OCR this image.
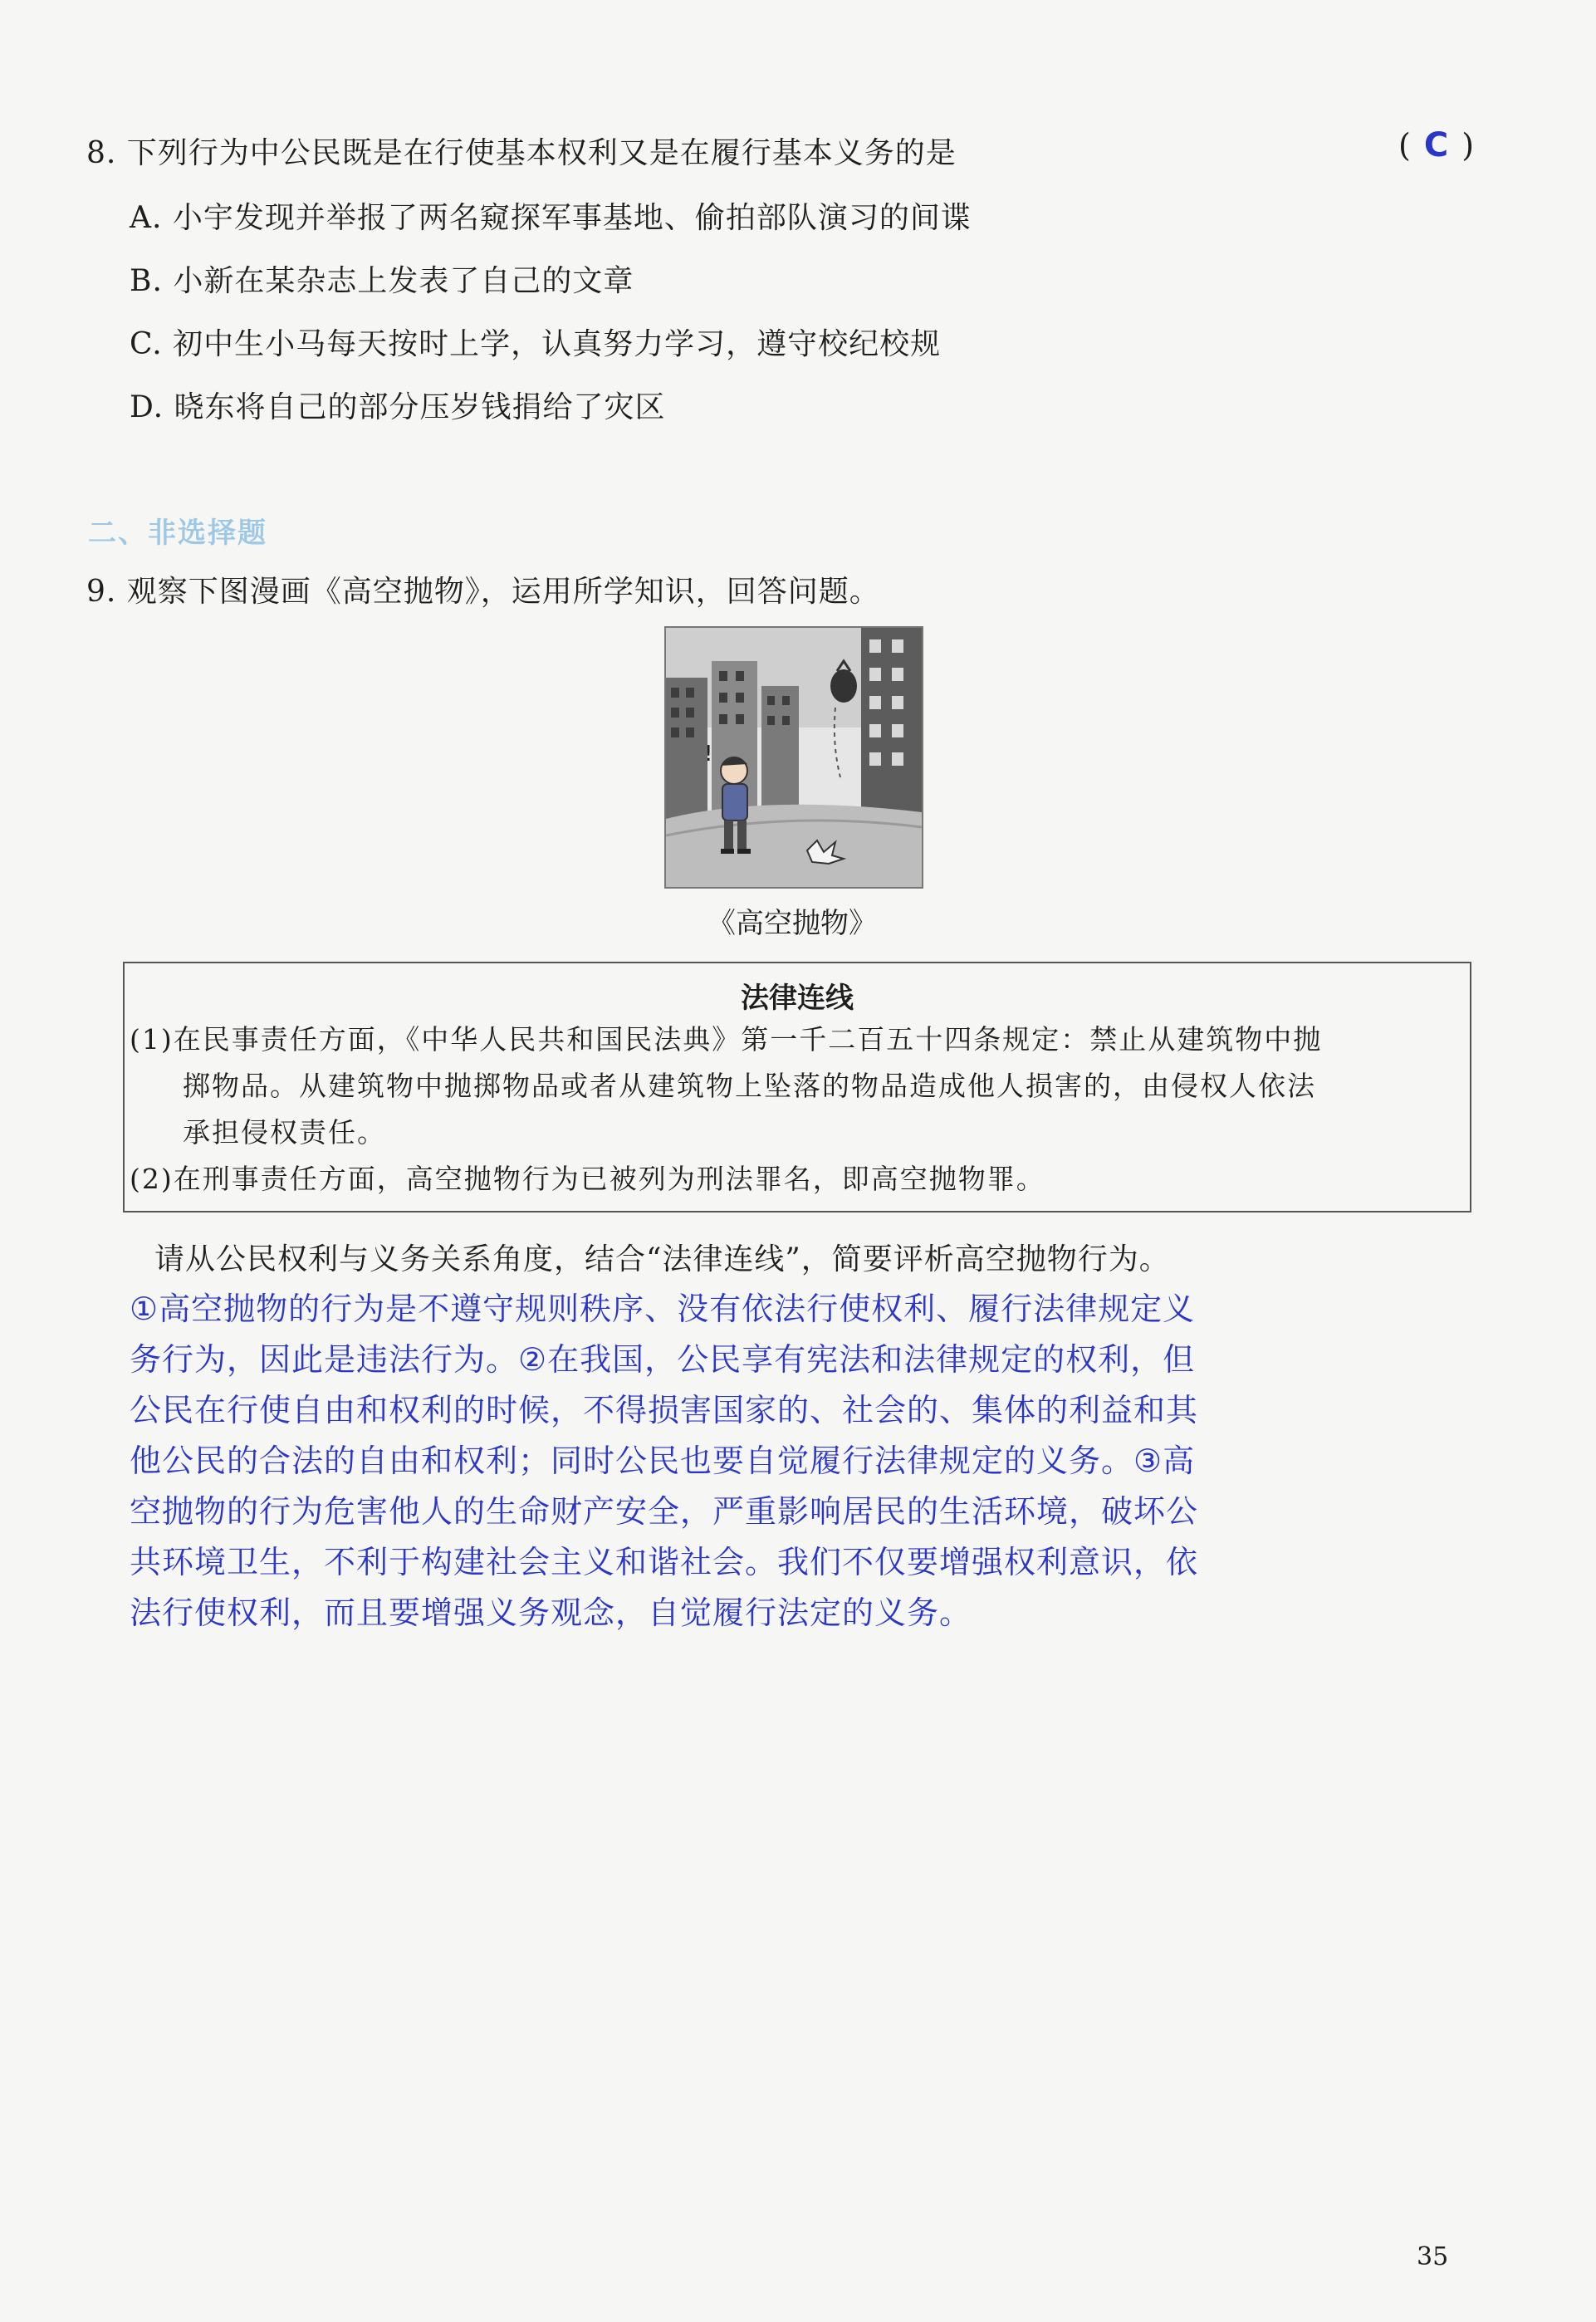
8. 下列行为中公民既是在行使基本权利又是在履行基本义务的是	( C )
A. 小宇发现并举报了两名窥探军事基地、偷拍部队演习的间谍
B. 小新在某杂志上发表了自己的文章
C. 初中生小马每天按时上学，认真努力学习，遵守校纪校规
D. 晓东将自己的部分压岁钱捐给了灾区
二、非选择题
9. 观察下图漫画《高空抛物》，运用所学知识，回答问题。
!
《高空抛物》
法律连线
(1)在民事责任方面，《中华人民共和国民法典》第一千二百五十四条规定：禁止从建筑物中抛
掷物品。从建筑物中抛掷物品或者从建筑物上坠落的物品造成他人损害的，由侵权人依法
承担侵权责任。
(2)在刑事责任方面，高空抛物行为已被列为刑法罪名，即高空抛物罪。
请从公民权利与义务关系角度，结合“法律连线”，简要评析高空抛物行为。
①高空抛物的行为是不遵守规则秩序、没有依法行使权利、履行法律规定义
务行为，因此是违法行为。②在我国，公民享有宪法和法律规定的权利，但
公民在行使自由和权利的时候，不得损害国家的、社会的、集体的利益和其
他公民的合法的自由和权利；同时公民也要自觉履行法律规定的义务。③高
空抛物的行为危害他人的生命财产安全，严重影响居民的生活环境，破坏公
共环境卫生，不利于构建社会主义和谐社会。我们不仅要增强权利意识，依
法行使权利，而且要增强义务观念，自觉履行法定的义务。
35
